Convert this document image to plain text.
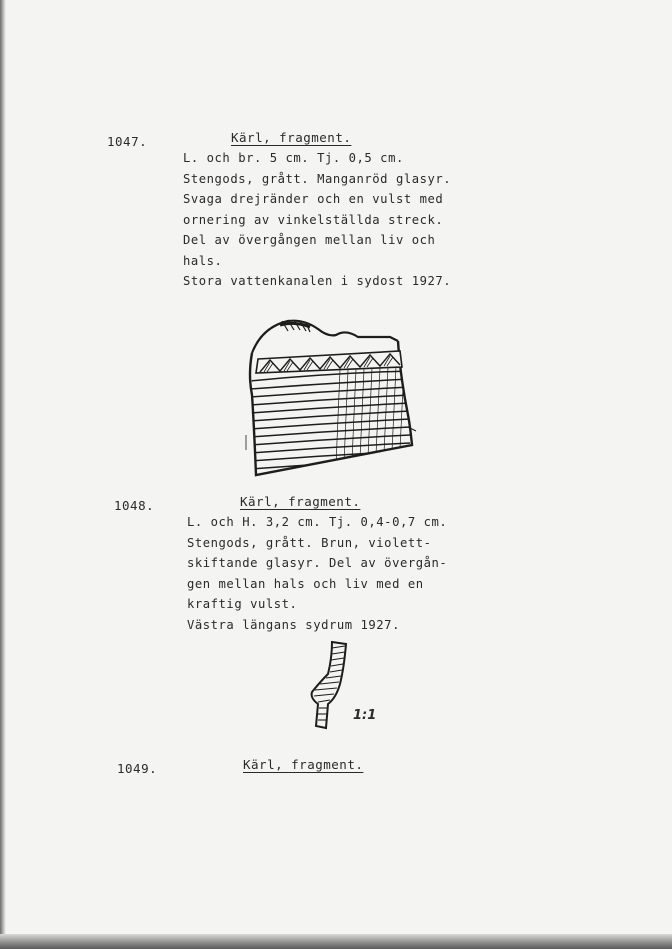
1047.	Kärl, fragment.
L. och br. 5 cm. Tj. 0,5 cm.
Stengods, grått. Manganröd glasyr.
Svaga drejränder och en vulst med
ornering av vinkelställda streck.
Del av övergången mellan liv och
hals.
Stora vattenkanalen i sydost 1927.
1048.	Kärl, fragment.
L. och H. 3,2 cm. Tj. 0,4-0,7 cm.
Stengods, grått. Brun, violett-
skiftande glasyr. Del av övergån-
gen mellan hals och liv med en
kraftig vulst.
Västra längans sydrum 1927.
1:1
1049.	Kärl, fragment.
